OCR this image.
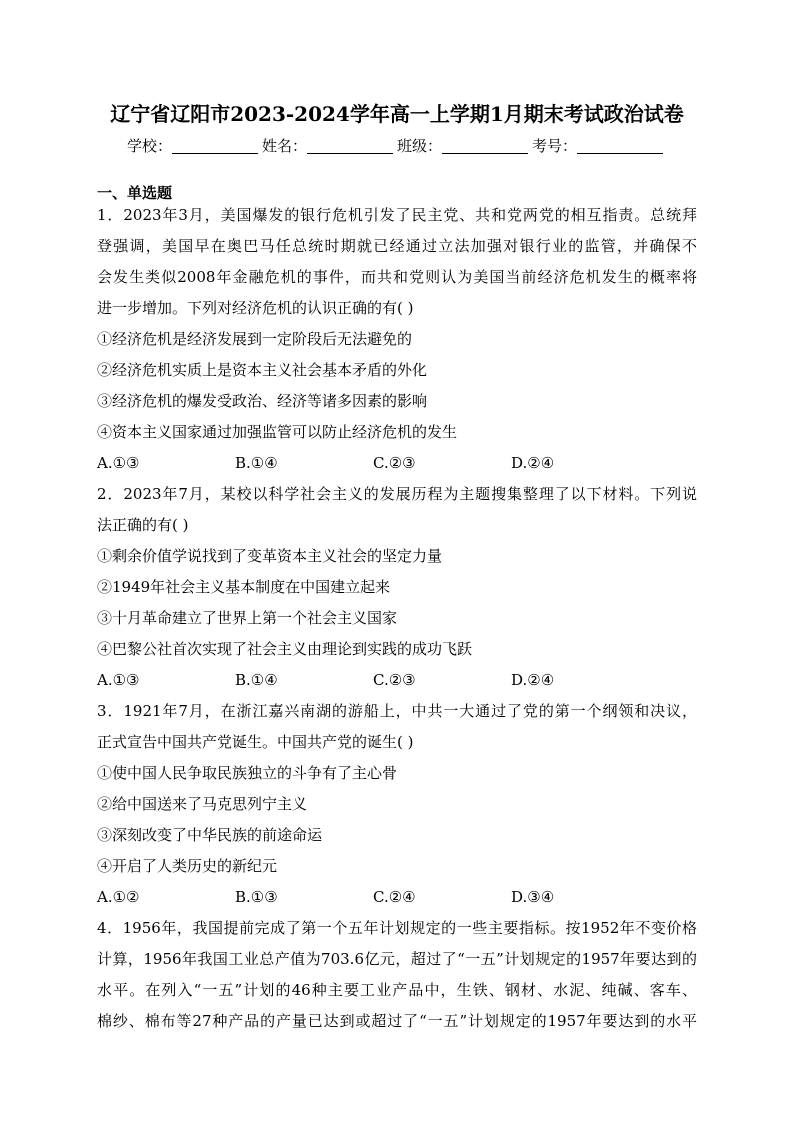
辽宁省辽阳市2023-2024学年高一上学期1月期末考试政治试卷
学校：	姓名：	班级：	考号：
一、单选题
1．2023年3月，美国爆发的银行危机引发了民主党、共和党两党的相互指责。总统拜
登强调，美国早在奥巴马任总统时期就已经通过立法加强对银行业的监管，并确保不
会发生类似2008年金融危机的事件，而共和党则认为美国当前经济危机发生的概率将
进一步增加。下列对经济危机的认识正确的有( )
①经济危机是经济发展到一定阶段后无法避免的
②经济危机实质上是资本主义社会基本矛盾的外化
③经济危机的爆发受政治、经济等诸多因素的影响
④资本主义国家通过加强监管可以防止经济危机的发生
A.①③	B.①④	C.②③	D.②④
2．2023年7月，某校以科学社会主义的发展历程为主题搜集整理了以下材料。下列说
法正确的有( )
①剩余价值学说找到了变革资本主义社会的坚定力量
②1949年社会主义基本制度在中国建立起来
③十月革命建立了世界上第一个社会主义国家
④巴黎公社首次实现了社会主义由理论到实践的成功飞跃
A.①③	B.①④	C.②③	D.②④
3．1921年7月，在浙江嘉兴南湖的游船上，中共一大通过了党的第一个纲领和决议，
正式宣告中国共产党诞生。中国共产党的诞生( )
①使中国人民争取民族独立的斗争有了主心骨
②给中国送来了马克思列宁主义
③深刻改变了中华民族的前途命运
④开启了人类历史的新纪元
A.①②	B.①③	C.②④	D.③④
4．1956年，我国提前完成了第一个五年计划规定的一些主要指标。按1952年不变价格
计算，1956年我国工业总产值为703.6亿元，超过了“一五”计划规定的1957年要达到的
水平。在列入“一五”计划的46种主要工业产品中，生铁、钢材、水泥、纯碱、客车、
棉纱、棉布等27种产品的产量已达到或超过了“一五”计划规定的1957年要达到的水平
